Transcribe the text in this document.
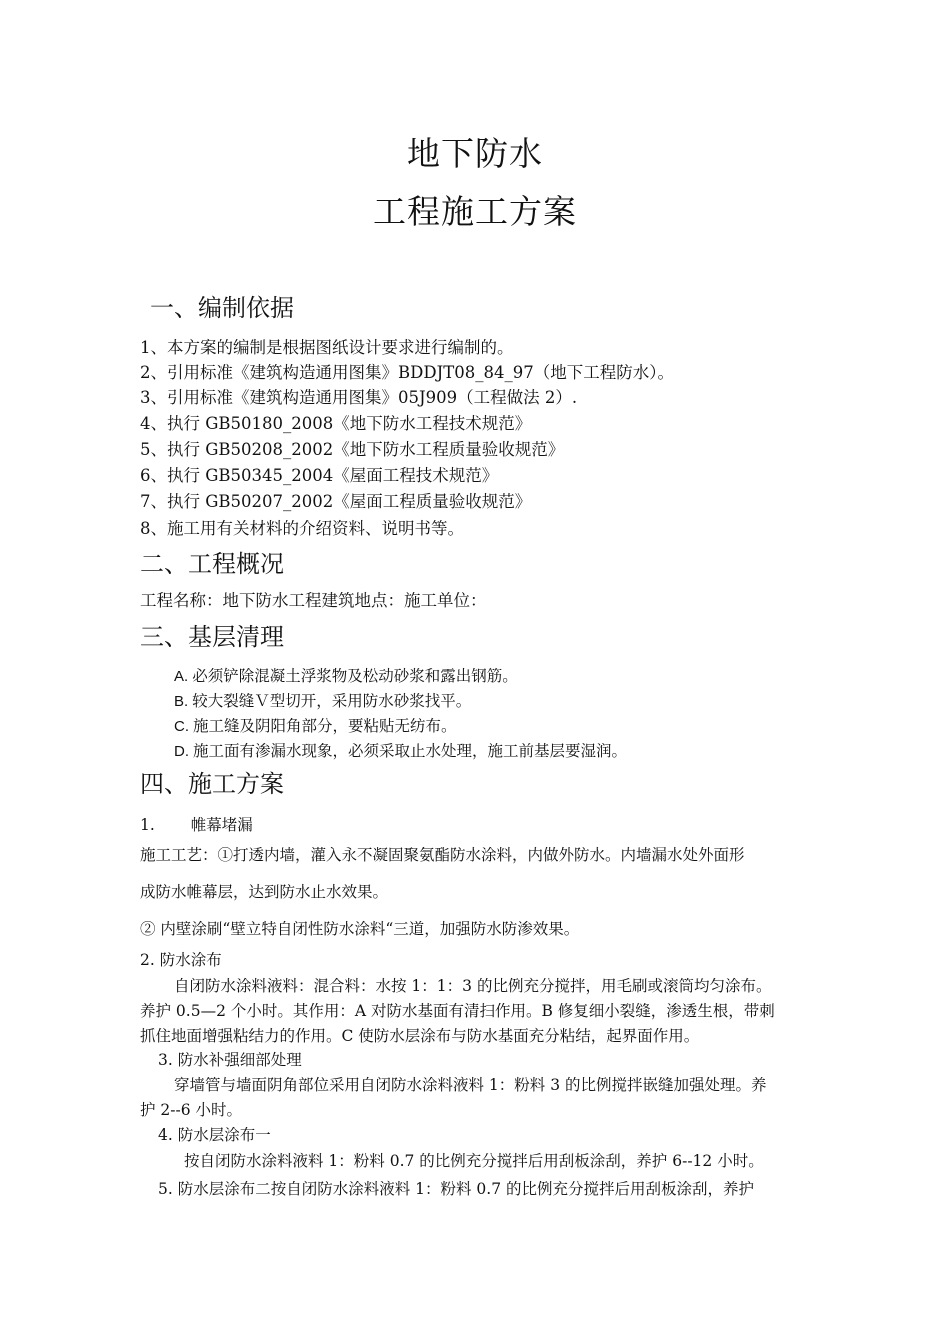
地下防水
工程施工方案
一、编制依据
1、本方案的编制是根据图纸设计要求进行编制的。
2、引用标准《建筑构造通用图集》BDDJT08_84_97（地下工程防水）。
3、引用标准《建筑构造通用图集》05J909（工程做法 2）.
4、执行 GB50180_2008《地下防水工程技术规范》
5、执行 GB50208_2002《地下防水工程质量验收规范》
6、执行 GB50345_2004《屋面工程技术规范》
7、执行 GB50207_2002《屋面工程质量验收规范》
8、施工用有关材料的介绍资料、说明书等。
二、工程概况
工程名称：地下防水工程建筑地点：施工单位：
三、基层清理
A. 必须铲除混凝土浮浆物及松动砂浆和露出钢筋。
B. 较大裂缝Ｖ型切开，采用防水砂浆找平。
C. 施工缝及阴阳角部分，要粘贴无纺布。
D. 施工面有渗漏水现象，必须采取止水处理，施工前基层要湿润。
四、施工方案
1. 帷幕堵漏
施工工艺：①打透内墙，灌入永不凝固聚氨酯防水涂料，内做外防水。内墙漏水处外面形
成防水帷幕层，达到防水止水效果。
② 内壁涂刷“壁立特自闭性防水涂料“三道，加强防水防渗效果。
2. 防水涂布
自闭防水涂料液料：混合料：水按 1：1：3 的比例充分搅拌，用毛刷或滚筒均匀涂布。
养护 0.5—2 个小时。其作用：A 对防水基面有清扫作用。B 修复细小裂缝，渗透生根，带刺
抓住地面增强粘结力的作用。C 使防水层涂布与防水基面充分粘结，起界面作用。
3. 防水补强细部处理
穿墙管与墙面阴角部位采用自闭防水涂料液料 1：粉料 3 的比例搅拌嵌缝加强处理。养
护 2--6 小时。
4. 防水层涂布一
按自闭防水涂料液料 1：粉料 0.7 的比例充分搅拌后用刮板涂刮，养护 6--12 小时。
5. 防水层涂布二按自闭防水涂料液料 1：粉料 0.7 的比例充分搅拌后用刮板涂刮，养护
